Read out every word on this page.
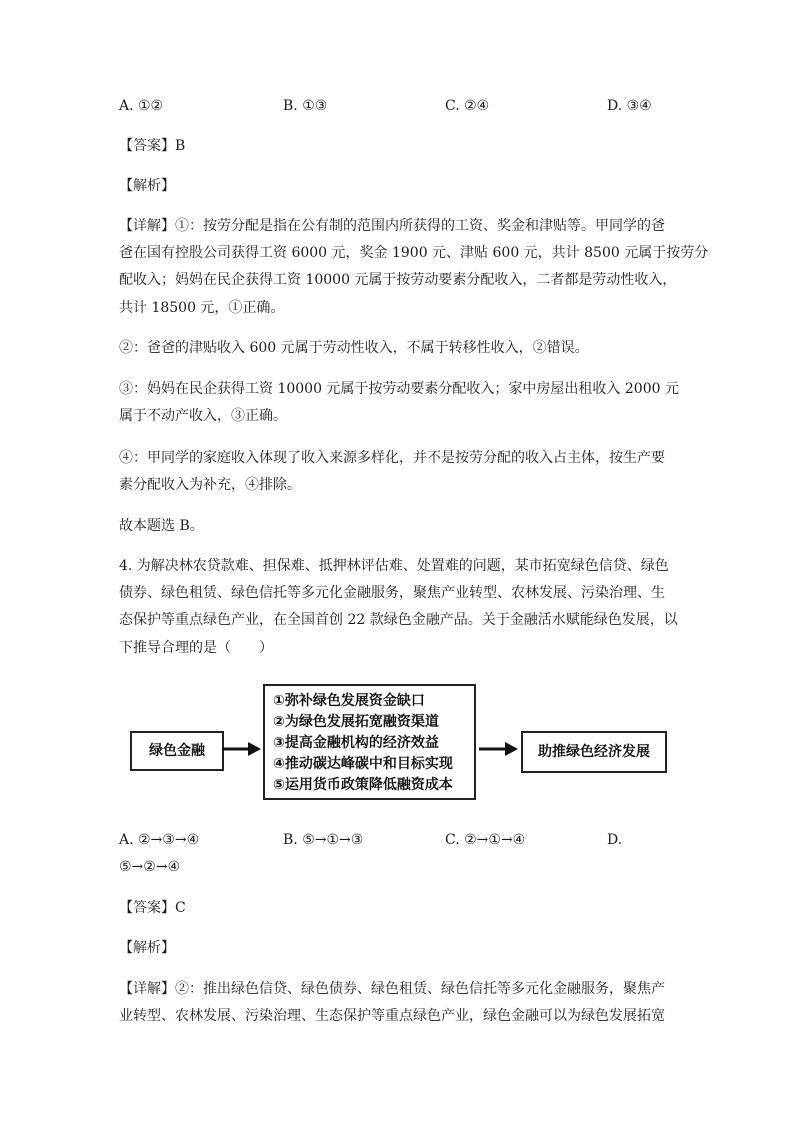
A. ①②	B. ①③	C. ②④	D. ③④
【答案】B
【解析】
【详解】①：按劳分配是指在公有制的范围内所获得的工资、奖金和津贴等。甲同学的爸
爸在国有控股公司获得工资 6000 元，奖金 1900 元、津贴 600 元，共计 8500 元属于按劳分
配收入；妈妈在民企获得工资 10000 元属于按劳动要素分配收入，二者都是劳动性收入，
共计 18500 元，①正确。
②：爸爸的津贴收入 600 元属于劳动性收入，不属于转移性收入，②错误。
③：妈妈在民企获得工资 10000 元属于按劳动要素分配收入；家中房屋出租收入 2000 元
属于不动产收入，③正确。
④：甲同学的家庭收入体现了收入来源多样化，并不是按劳分配的收入占主体，按生产要
素分配收入为补充，④排除。
故本题选 B。
4. 为解决林农贷款难、担保难、抵押林评估难、处置难的问题，某市拓宽绿色信贷、绿色
债券、绿色租赁、绿色信托等多元化金融服务，聚焦产业转型、农林发展、污染治理、生
态保护等重点绿色产业，在全国首创 22 款绿色金融产品。关于金融活水赋能绿色发展，以
下推导合理的是（　　）
绿色金融
①弥补绿色发展资金缺口
②为绿色发展拓宽融资渠道
③提高金融机构的经济效益
④推动碳达峰碳中和目标实现
⑤运用货币政策降低融资成本
助推绿色经济发展
A. ②→③→④	B. ⑤→①→③	C. ②→①→④	D.
⑤→②→④
【答案】C
【解析】
【详解】②：推出绿色信贷、绿色债券、绿色租赁、绿色信托等多元化金融服务，聚焦产
业转型、农林发展、污染治理、生态保护等重点绿色产业，绿色金融可以为绿色发展拓宽
